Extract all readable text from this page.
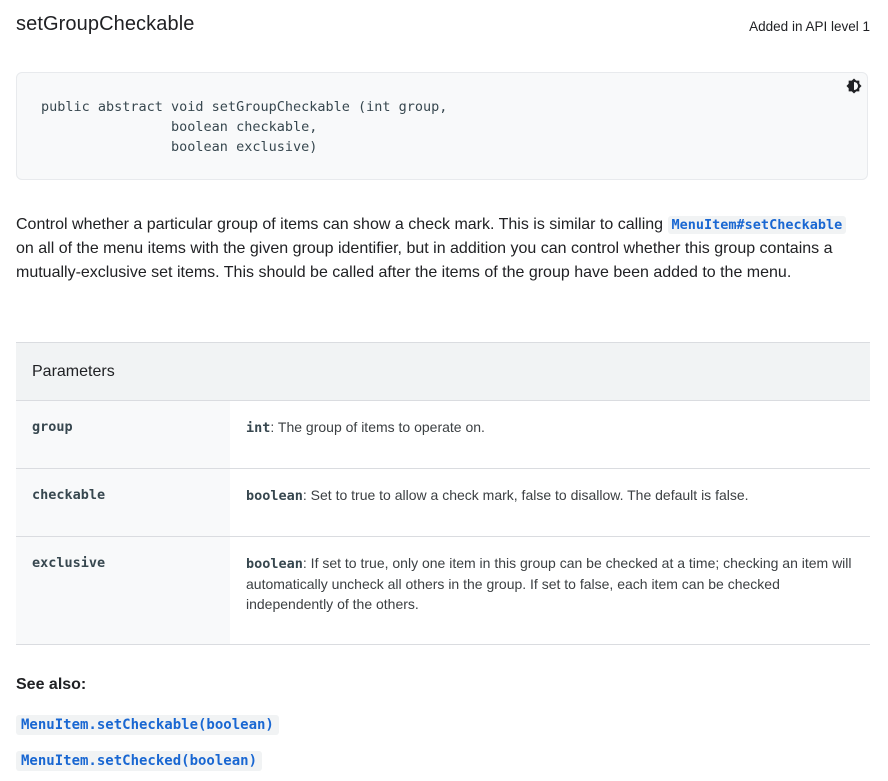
setGroupCheckable	Added in API level 1
public abstract void setGroupCheckable (int group,
boolean checkable,
boolean exclusive)

Control whether a particular group of items can show a check mark. This is similar to calling MenuItem#setCheckable on all of the menu items with the given group identifier, but in addition you can control whether this group contains a mutually-exclusive set items. This should be called after the items of the group have been added to the menu.

Parameters	
group	int: The group of items to operate on.
checkable	boolean: Set to true to allow a check mark, false to disallow. The default is false.
exclusive	boolean: If set to true, only one item in this group can be checked at a time; checking an item will automatically uncheck all others in the group. If set to false, each item can be checked independently of the others.
See also:
MenuItem.setCheckable(boolean)
MenuItem.setChecked(boolean)
